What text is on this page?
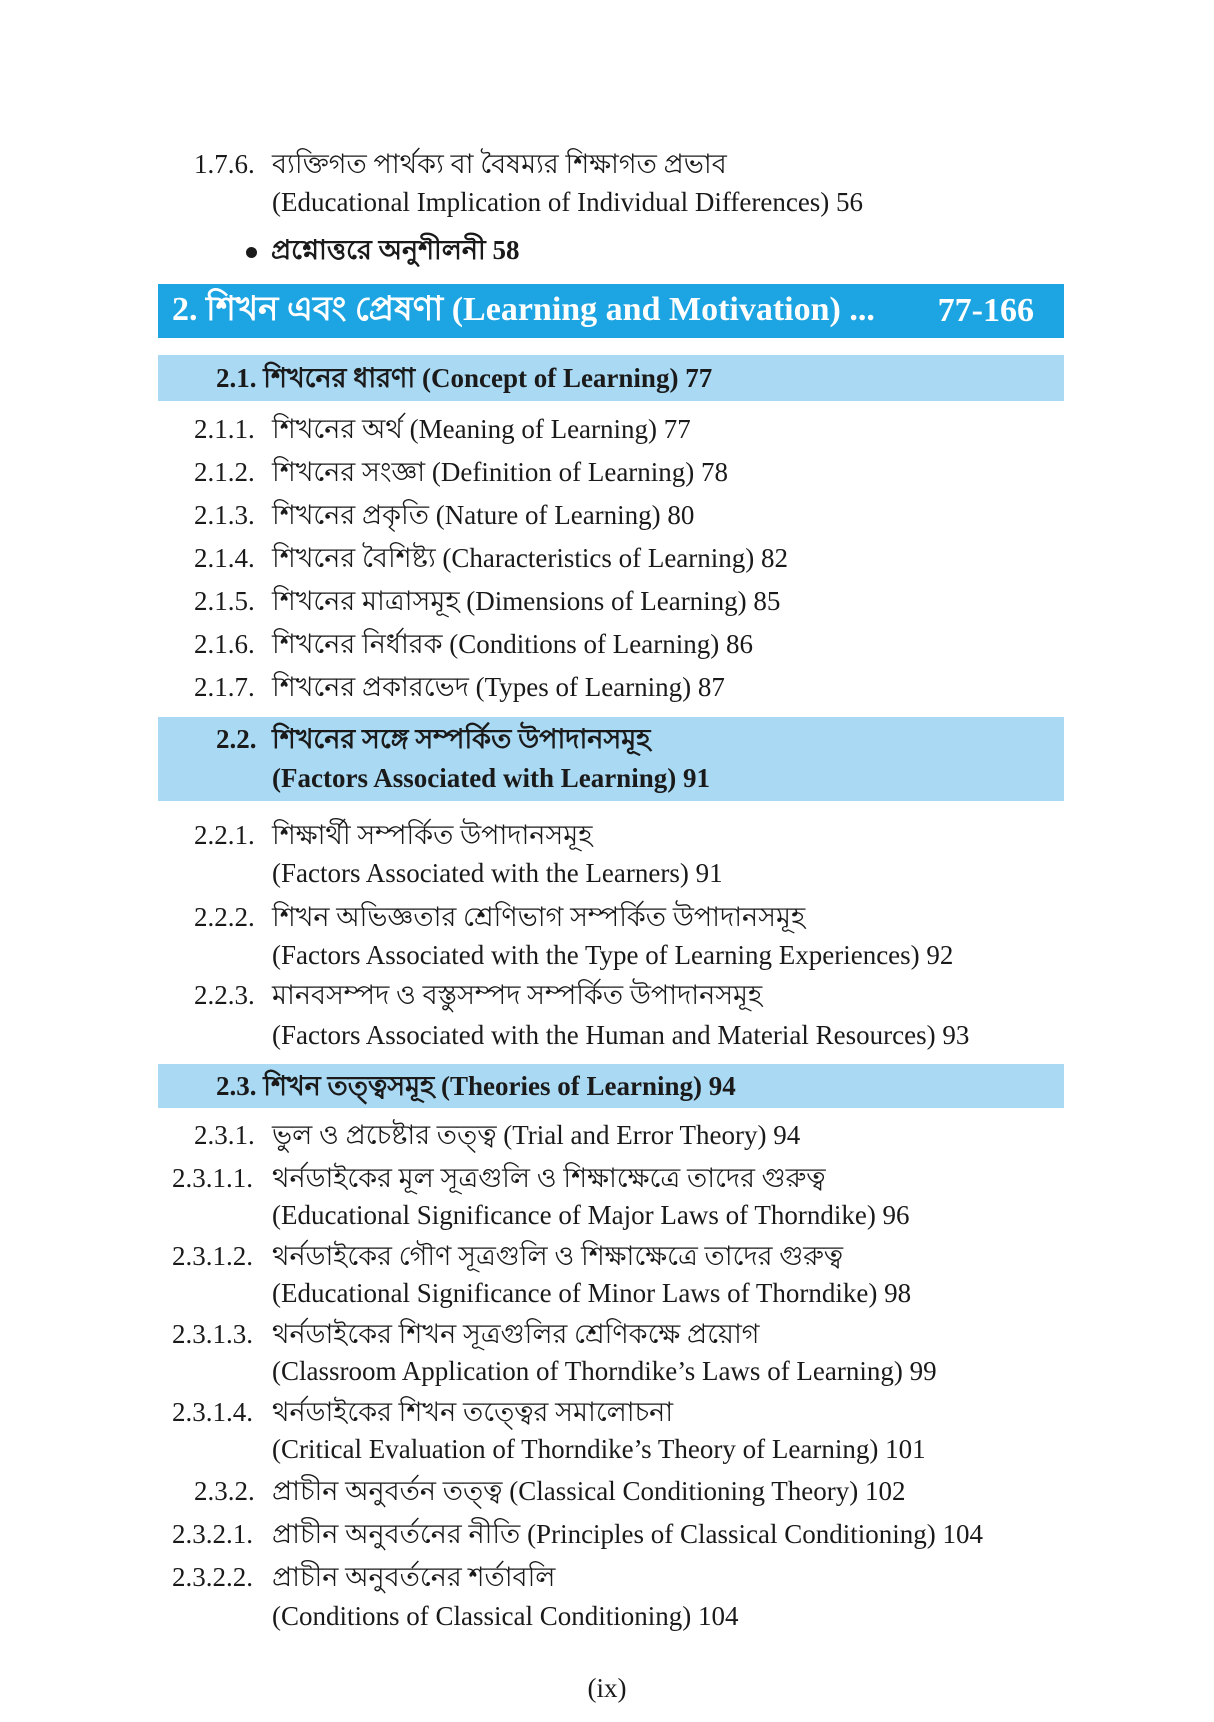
1.7.6. ব্যক্তিগত পার্থক্য বা বৈষম্যর শিক্ষাগত প্রভাব
(Educational Implication of Individual Differences) 56
প্রশ্নোত্তরে অনুশীলনী 58
2. শিখন এবং প্রেষণা (Learning and Motivation) ... 77-166
2.1. শিখনের ধারণা (Concept of Learning) 77
2.1.1. শিখনের অর্থ (Meaning of Learning) 77
2.1.2. শিখনের সংজ্ঞা (Definition of Learning) 78
2.1.3. শিখনের প্রকৃতি (Nature of Learning) 80
2.1.4. শিখনের বৈশিষ্ট্য (Characteristics of Learning) 82
2.1.5. শিখনের মাত্রাসমূহ (Dimensions of Learning) 85
2.1.6. শিখনের নির্ধারক (Conditions of Learning) 86
2.1.7. শিখনের প্রকারভেদ (Types of Learning) 87
2.2. শিখনের সঙ্গে সম্পর্কিত উপাদানসমূহ
(Factors Associated with Learning) 91
2.2.1. শিক্ষার্থী সম্পর্কিত উপাদানসমূহ
(Factors Associated with the Learners) 91
2.2.2. শিখন অভিজ্ঞতার শ্রেণিভাগ সম্পর্কিত উপাদানসমূহ
(Factors Associated with the Type of Learning Experiences) 92
2.2.3. মানবসম্পদ ও বস্তুসম্পদ সম্পর্কিত উপাদানসমূহ
(Factors Associated with the Human and Material Resources) 93
2.3. শিখন তত্ত্বসমূহ (Theories of Learning) 94
2.3.1. ভুল ও প্রচেষ্টার তত্ত্ব (Trial and Error Theory) 94
2.3.1.1. থর্নডাইকের মূল সূত্রগুলি ও শিক্ষাক্ষেত্রে তাদের গুরুত্ব
(Educational Significance of Major Laws of Thorndike) 96
2.3.1.2. থর্নডাইকের গৌণ সূত্রগুলি ও শিক্ষাক্ষেত্রে তাদের গুরুত্ব
(Educational Significance of Minor Laws of Thorndike) 98
2.3.1.3. থর্নডাইকের শিখন সূত্রগুলির শ্রেণিকক্ষে প্রয়োগ
(Classroom Application of Thorndike’s Laws of Learning) 99
2.3.1.4. থর্নডাইকের শিখন তত্ত্বের সমালোচনা
(Critical Evaluation of Thorndike’s Theory of Learning) 101
2.3.2. প্রাচীন অনুবর্তন তত্ত্ব (Classical Conditioning Theory) 102
2.3.2.1. প্রাচীন অনুবর্তনের নীতি (Principles of Classical Conditioning) 104
2.3.2.2. প্রাচীন অনুবর্তনের শর্তাবলি
(Conditions of Classical Conditioning) 104
(ix)
